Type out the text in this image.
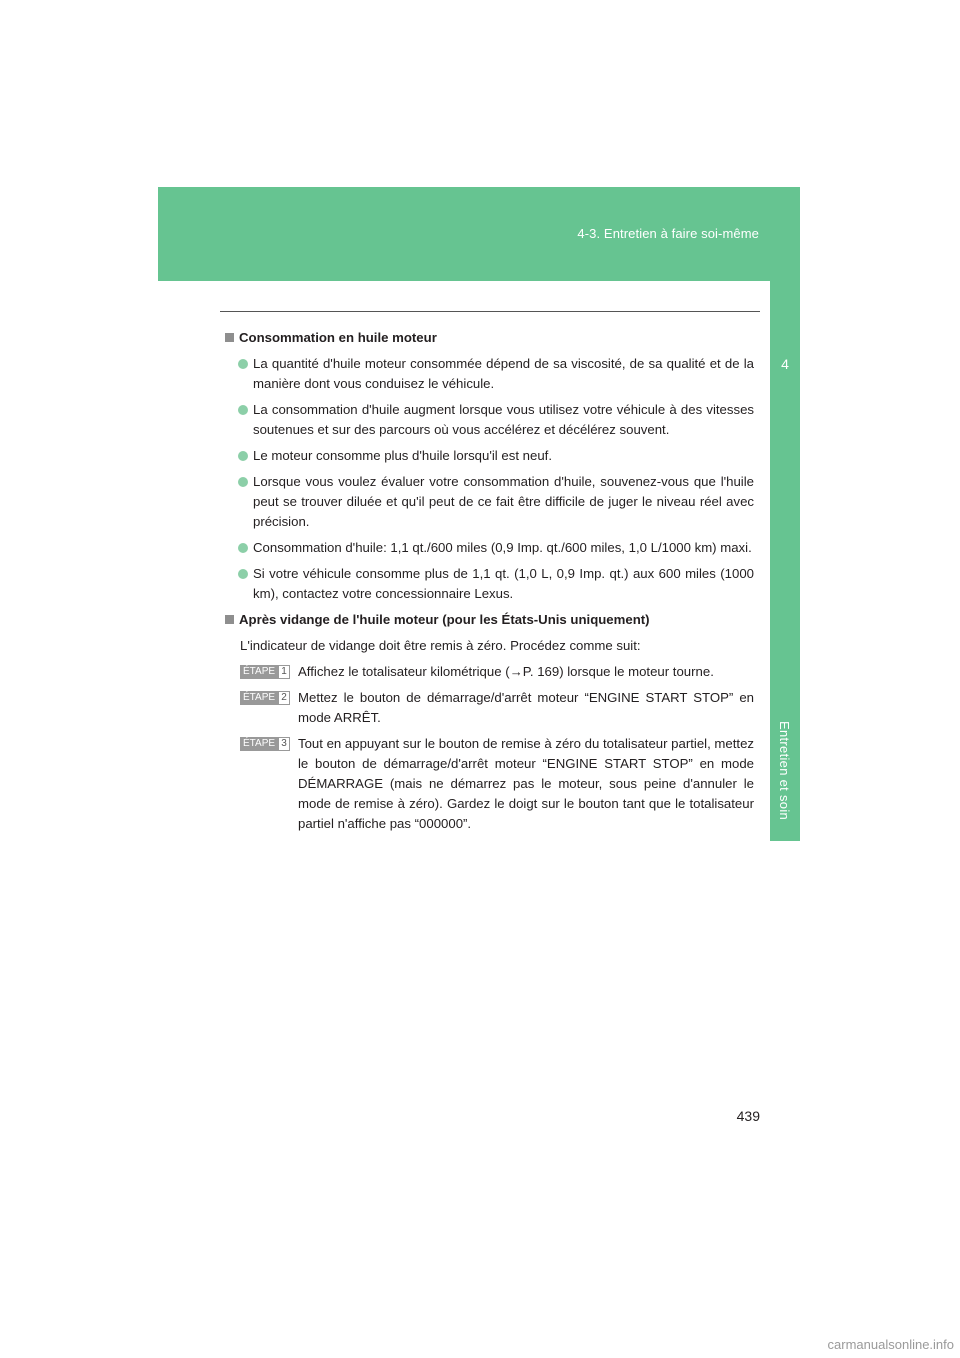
4-3. Entretien à faire soi-même
4
Entretien et soin
Consommation en huile moteur
La quantité d'huile moteur consommée dépend de sa viscosité, de sa qualité et de la manière dont vous conduisez le véhicule.
La consommation d'huile augment lorsque vous utilisez votre véhicule à des vitesses soutenues et sur des parcours où vous accélérez et décélérez souvent.
Le moteur consomme plus d'huile lorsqu'il est neuf.
Lorsque vous voulez évaluer votre consommation d'huile, souvenez-vous que l'huile peut se trouver diluée et qu'il peut de ce fait être difficile de juger le niveau réel avec précision.
Consommation d'huile: 1,1 qt./600 miles (0,9 Imp. qt./600 miles, 1,0 L/1000 km) maxi.
Si votre véhicule consomme plus de 1,1 qt. (1,0 L, 0,9 Imp. qt.) aux 600 miles (1000 km), contactez votre concessionnaire Lexus.
Après vidange de l'huile moteur (pour les États-Unis uniquement)
L'indicateur de vidange doit être remis à zéro. Procédez comme suit:
ÉTAPE 1 Affichez le totalisateur kilométrique (→P. 169) lorsque le moteur tourne.
ÉTAPE 2 Mettez le bouton de démarrage/d'arrêt moteur “ENGINE START STOP” en mode ARRÊT.
ÉTAPE 3 Tout en appuyant sur le bouton de remise à zéro du totalisateur partiel, mettez le bouton de démarrage/d'arrêt moteur “ENGINE START STOP” en mode DÉMARRAGE (mais ne démarrez pas le moteur, sous peine d'annuler le mode de remise à zéro). Gardez le doigt sur le bouton tant que le totalisateur partiel n'affiche pas “000000”.
439
carmanualsonline.info
